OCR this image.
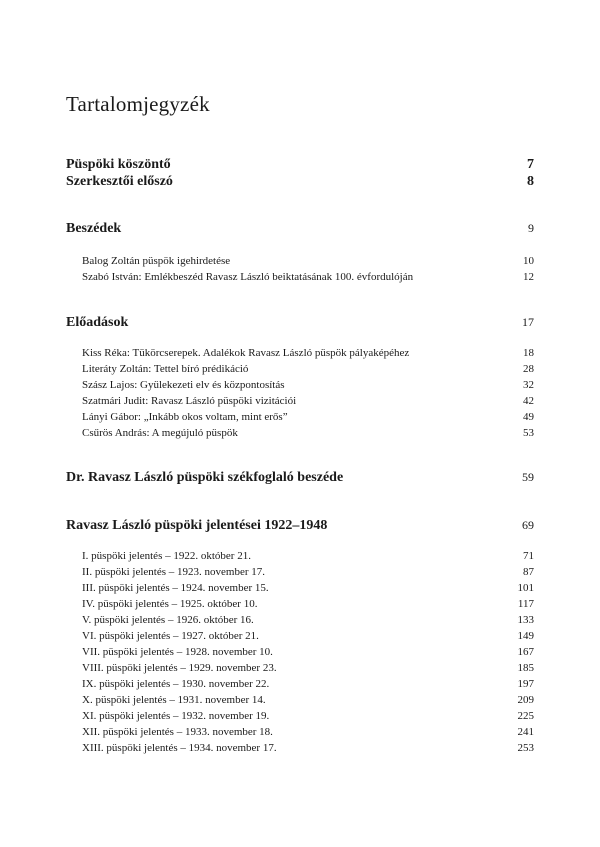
Tartalomjegyzék
Püspöki köszöntő	7
Szerkesztői előszó	8
Beszédek	9
Balog Zoltán püspök igehirdetése	10
Szabó István: Emlékbeszéd Ravasz László beiktatásának 100. évfordulóján	12
Előadások	17
Kiss Réka: Tükörcserepek. Adalékok Ravasz László püspök pályaképéhez	18
Literáty Zoltán: Tettel bíró prédikáció	28
Szász Lajos: Gyülekezeti elv és központosítás	32
Szatmári Judit: Ravasz László püspöki vizitációi	42
Lányi Gábor: „Inkább okos voltam, mint erős”	49
Csűrös András: A megújuló püspök	53
Dr. Ravasz László püspöki székfoglaló beszéde	59
Ravasz László püspöki jelentései 1922–1948	69
I. püspöki jelentés – 1922. október 21.	71
II. püspöki jelentés – 1923. november 17.	87
III. püspöki jelentés – 1924. november 15.	101
IV. püspöki jelentés – 1925. október 10.	117
V. püspöki jelentés – 1926. október 16.	133
VI. püspöki jelentés – 1927. október 21.	149
VII. püspöki jelentés – 1928. november 10.	167
VIII. püspöki jelentés – 1929. november 23.	185
IX. püspöki jelentés – 1930. november 22.	197
X. püspöki jelentés – 1931. november 14.	209
XI. püspöki jelentés – 1932. november 19.	225
XII. püspöki jelentés – 1933. november 18.	241
XIII. püspöki jelentés – 1934. november 17.	253
